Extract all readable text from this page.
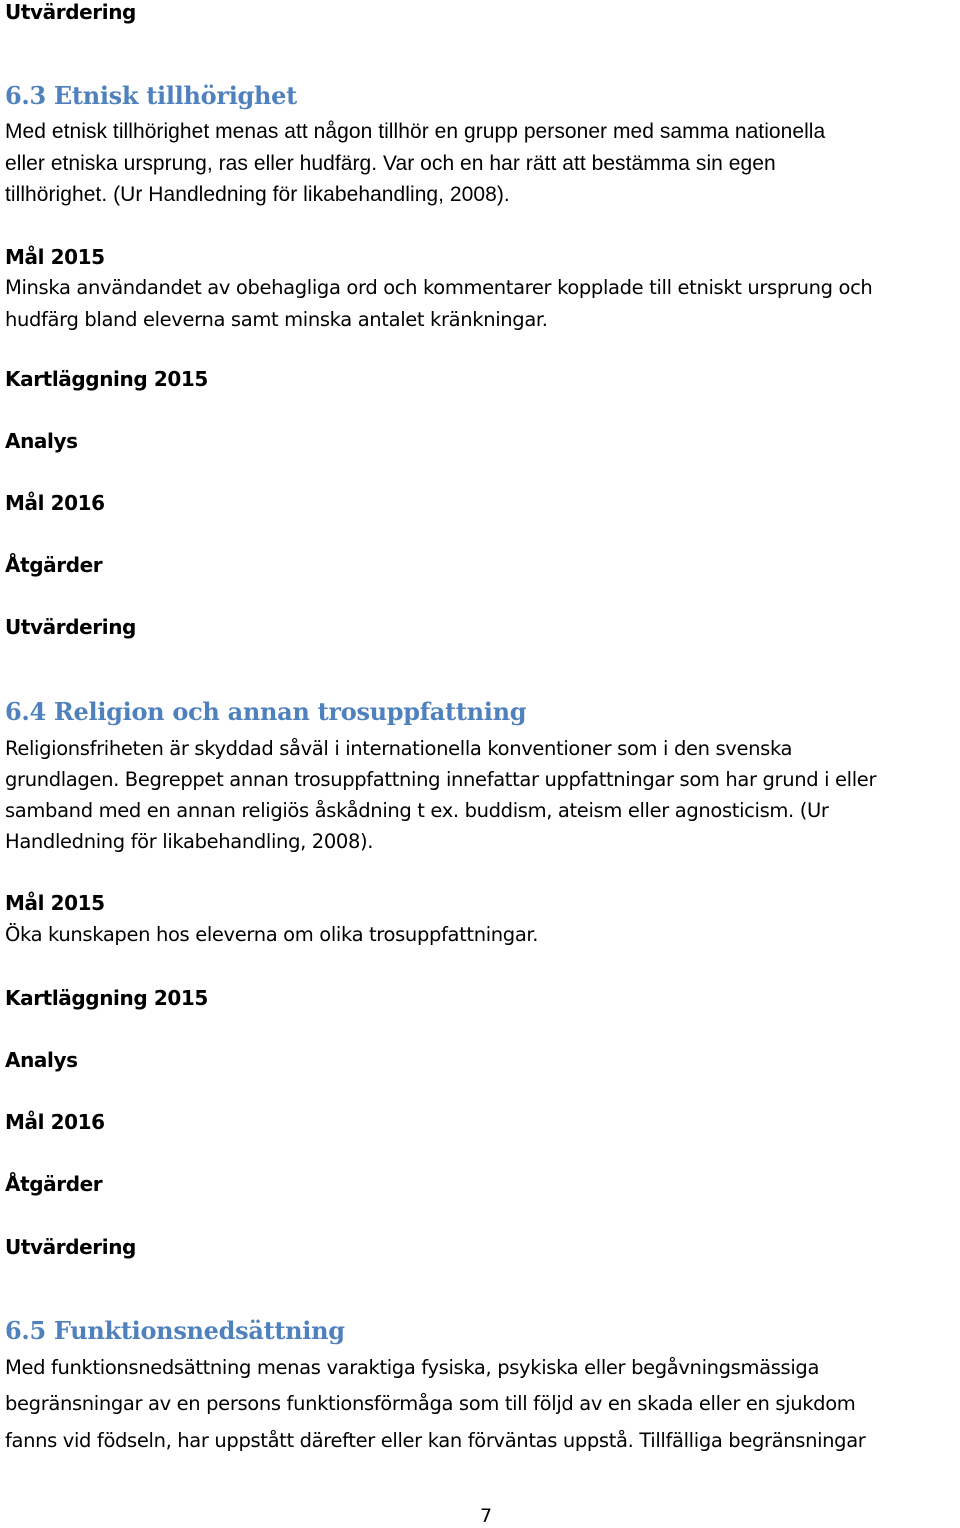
Utvärdering
6.3 Etnisk tillhörighet
Med etnisk tillhörighet menas att någon tillhör en grupp personer med samma nationella
eller etniska ursprung, ras eller hudfärg. Var och en har rätt att bestämma sin egen
tillhörighet. (Ur Handledning för likabehandling, 2008).
Mål 2015
Minska användandet av obehagliga ord och kommentarer kopplade till etniskt ursprung och
hudfärg bland eleverna samt minska antalet kränkningar.
Kartläggning 2015
Analys
Mål 2016
Åtgärder
Utvärdering
6.4 Religion och annan trosuppfattning
Religionsfriheten är skyddad såväl i internationella konventioner som i den svenska
grundlagen. Begreppet annan trosuppfattning innefattar uppfattningar som har grund i eller
samband med en annan religiös åskådning t ex. buddism, ateism eller agnosticism. (Ur
Handledning för likabehandling, 2008).
Mål 2015
Öka kunskapen hos eleverna om olika trosuppfattningar.
Kartläggning 2015
Analys
Mål 2016
Åtgärder
Utvärdering
6.5 Funktionsnedsättning
Med funktionsnedsättning menas varaktiga fysiska, psykiska eller begåvningsmässiga
begränsningar av en persons funktionsförmåga som till följd av en skada eller en sjukdom
fanns vid födseln, har uppstått därefter eller kan förväntas uppstå. Tillfälliga begränsningar
7
